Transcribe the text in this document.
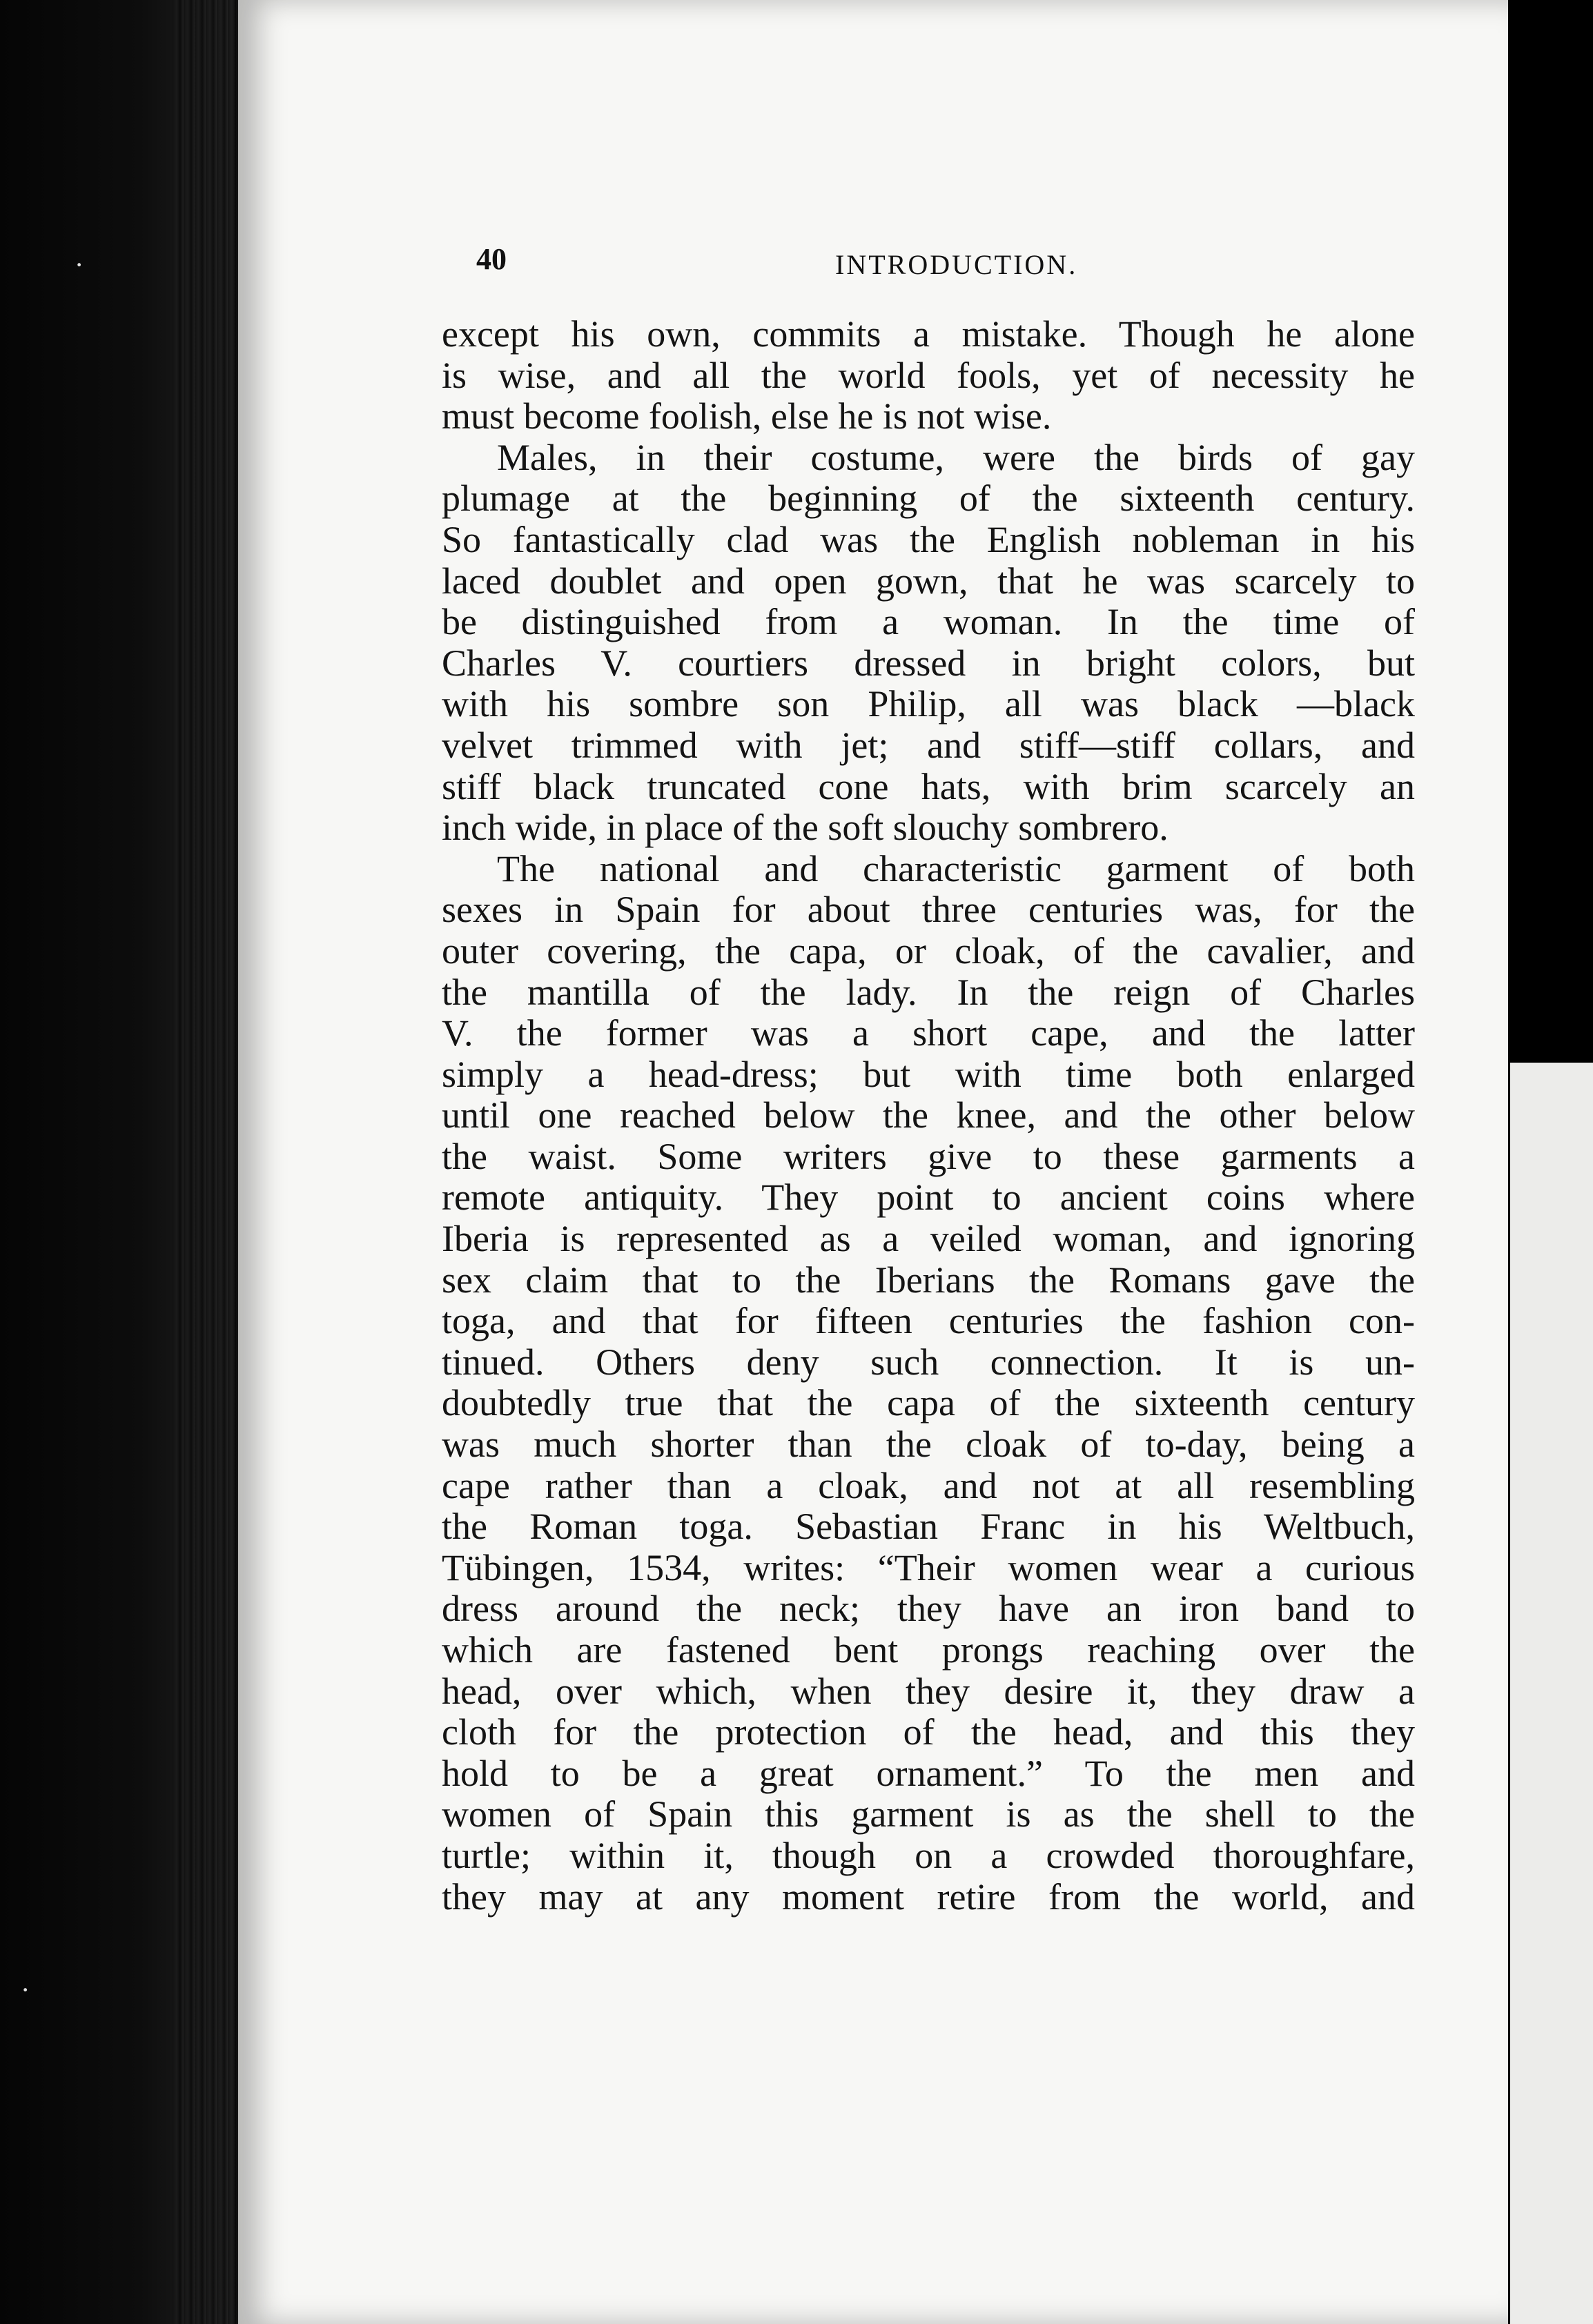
·
·
40	INTRODUCTION.
except his own, commits a mistake. Though he alone
is wise, and all the world fools, yet of necessity he
must become foolish, else he is not wise.
Males, in their costume, were the birds of gay
plumage at the beginning of the sixteenth century.
So fantastically clad was the English nobleman in his
laced doublet and open gown, that he was scarcely to
be distinguished from a woman. In the time of
Charles V. courtiers dressed in bright colors, but
with his sombre son Philip, all was black —black
velvet trimmed with jet; and stiff—stiff collars, and
stiff black truncated cone hats, with brim scarcely an
inch wide, in place of the soft slouchy sombrero.
The national and characteristic garment of both
sexes in Spain for about three centuries was, for the
outer covering, the capa, or cloak, of the cavalier, and
the mantilla of the lady. In the reign of Charles
V. the former was a short cape, and the latter
simply a head-dress; but with time both enlarged
until one reached below the knee, and the other below
the waist. Some writers give to these garments a
remote antiquity. They point to ancient coins where
Iberia is represented as a veiled woman, and ignoring
sex claim that to the Iberians the Romans gave the
toga, and that for fifteen centuries the fashion con-
tinued. Others deny such connection. It is un-
doubtedly true that the capa of the sixteenth century
was much shorter than the cloak of to-day, being a
cape rather than a cloak, and not at all resembling
the Roman toga. Sebastian Franc in his Weltbuch,
Tübingen, 1534, writes: “Their women wear a curious
dress around the neck; they have an iron band to
which are fastened bent prongs reaching over the
head, over which, when they desire it, they draw a
cloth for the protection of the head, and this they
hold to be a great ornament.” To the men and
women of Spain this garment is as the shell to the
turtle; within it, though on a crowded thoroughfare,
they may at any moment retire from the world, and
